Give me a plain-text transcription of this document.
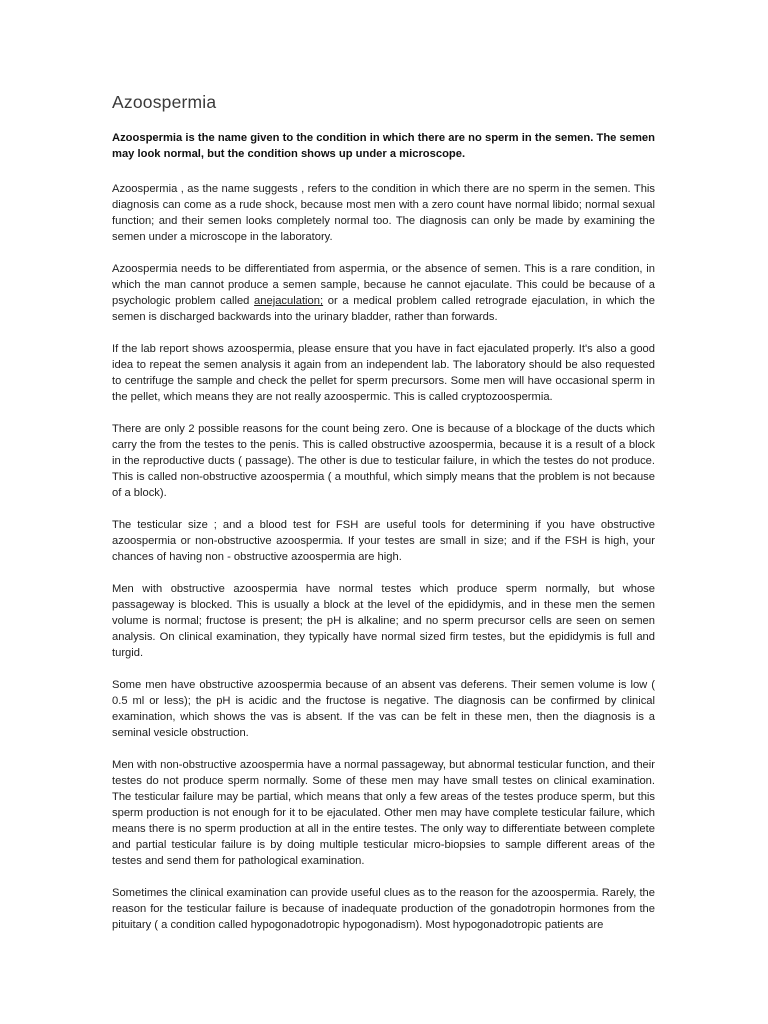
Azoospermia

Azoospermia is the name given to the condition in which there are no sperm in the semen. The semen may look normal, but the condition shows up under a microscope.

Azoospermia , as the name suggests , refers to the condition in which there are no sperm in the semen. This diagnosis can come as a rude shock, because most men with a zero count have normal libido; normal sexual function; and their semen looks completely normal too. The diagnosis can only be made by examining the semen under a microscope in the laboratory.

Azoospermia needs to be differentiated from aspermia, or the absence of semen. This is a rare condition, in which the man cannot produce a semen sample, because he cannot ejaculate. This could be because of a psychologic problem called anejaculation; or a medical problem called retrograde ejaculation, in which the semen is discharged backwards into the urinary bladder, rather than forwards.

If the lab report shows azoospermia, please ensure that you have in fact ejaculated properly. It's also a good idea to repeat the semen analysis it again from an independent lab. The laboratory should be also requested to centrifuge the sample and check the pellet for sperm precursors. Some men will have occasional sperm in the pellet, which means they are not really azoospermic. This is called cryptozoospermia.

There are only 2 possible reasons for the count being zero. One is because of a blockage of the ducts which carry the from the testes to the penis. This is called obstructive azoospermia, because it is a result of a block in the reproductive ducts ( passage). The other is due to testicular failure, in which the testes do not produce. This is called non-obstructive azoospermia ( a mouthful, which simply means that the problem is not because of a block).

The testicular size ; and a blood test for FSH are useful tools for determining if you have obstructive azoospermia or non-obstructive azoospermia. If your testes are small in size; and if the FSH is high, your chances of having non - obstructive azoospermia are high.

Men with obstructive azoospermia have normal testes which produce sperm normally, but whose passageway is blocked. This is usually a block at the level of the epididymis, and in these men the semen volume is normal; fructose is present; the pH is alkaline; and no sperm precursor cells are seen on semen analysis. On clinical examination, they typically have normal sized firm testes, but the epididymis is full and turgid.

Some men have obstructive azoospermia because of an absent vas deferens. Their semen volume is low ( 0.5 ml or less); the pH is acidic and the fructose is negative. The diagnosis can be confirmed by clinical examination, which shows the vas is absent. If the vas can be felt in these men, then the diagnosis is a seminal vesicle obstruction.

Men with non-obstructive azoospermia have a normal passageway, but abnormal testicular function, and their testes do not produce sperm normally. Some of these men may have small testes on clinical examination. The testicular failure may be partial, which means that only a few areas of the testes produce sperm, but this sperm production is not enough for it to be ejaculated. Other men may have complete testicular failure, which means there is no sperm production at all in the entire testes. The only way to differentiate between complete and partial testicular failure is by doing multiple testicular micro-biopsies to sample different areas of the testes and send them for pathological examination.

Sometimes the clinical examination can provide useful clues as to the reason for the azoospermia. Rarely, the reason for the testicular failure is because of inadequate production of the gonadotropin hormones from the pituitary ( a condition called hypogonadotropic hypogonadism). Most hypogonadotropic patients are
